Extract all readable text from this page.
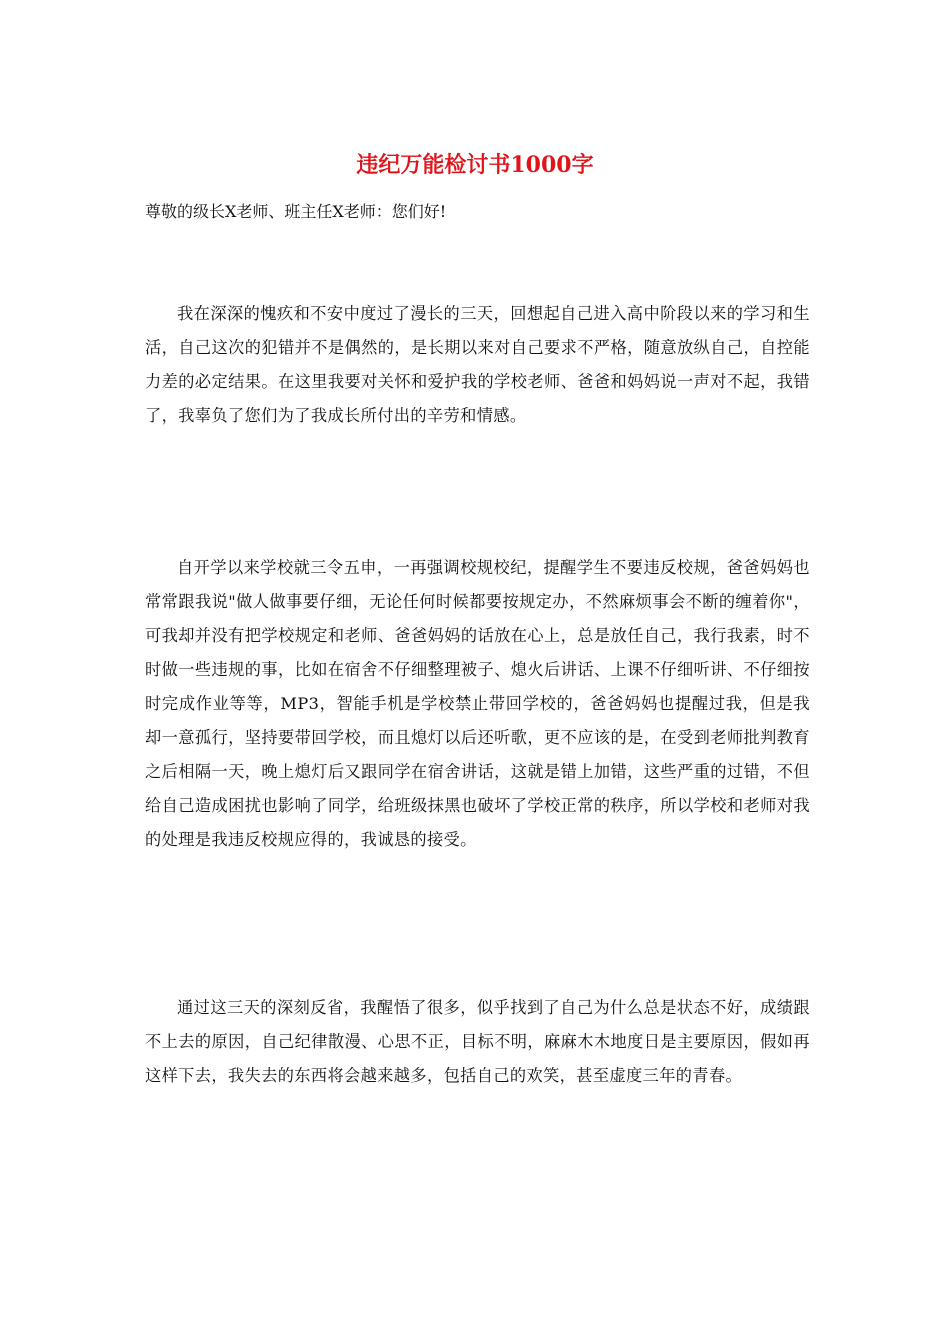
违纪万能检讨书1000字

尊敬的级长X老师、班主任X老师：您们好!

我在深深的愧疚和不安中度过了漫长的三天，回想起自己进入高中阶段以来的学习和生活，自己这次的犯错并不是偶然的，是长期以来对自己要求不严格，随意放纵自己，自控能力差的必定结果。在这里我要对关怀和爱护我的学校老师、爸爸和妈妈说一声对不起，我错了，我辜负了您们为了我成长所付出的辛劳和情感。

自开学以来学校就三令五申，一再强调校规校纪，提醒学生不要违反校规，爸爸妈妈也常常跟我说"做人做事要仔细，无论任何时候都要按规定办，不然麻烦事会不断的缠着你"，可我却并没有把学校规定和老师、爸爸妈妈的话放在心上，总是放任自己，我行我素，时不时做一些违规的事，比如在宿舍不仔细整理被子、熄火后讲话、上课不仔细听讲、不仔细按时完成作业等等，MP3，智能手机是学校禁止带回学校的，爸爸妈妈也提醒过我，但是我却一意孤行，坚持要带回学校，而且熄灯以后还听歌，更不应该的是，在受到老师批判教育之后相隔一天，晚上熄灯后又跟同学在宿舍讲话，这就是错上加错，这些严重的过错，不但给自己造成困扰也影响了同学，给班级抹黑也破坏了学校正常的秩序，所以学校和老师对我的处理是我违反校规应得的，我诚恳的接受。

通过这三天的深刻反省，我醒悟了很多，似乎找到了自己为什么总是状态不好，成绩跟不上去的原因，自己纪律散漫、心思不正，目标不明，麻麻木木地度日是主要原因，假如再这样下去，我失去的东西将会越来越多，包括自己的欢笑，甚至虚度三年的青春。
